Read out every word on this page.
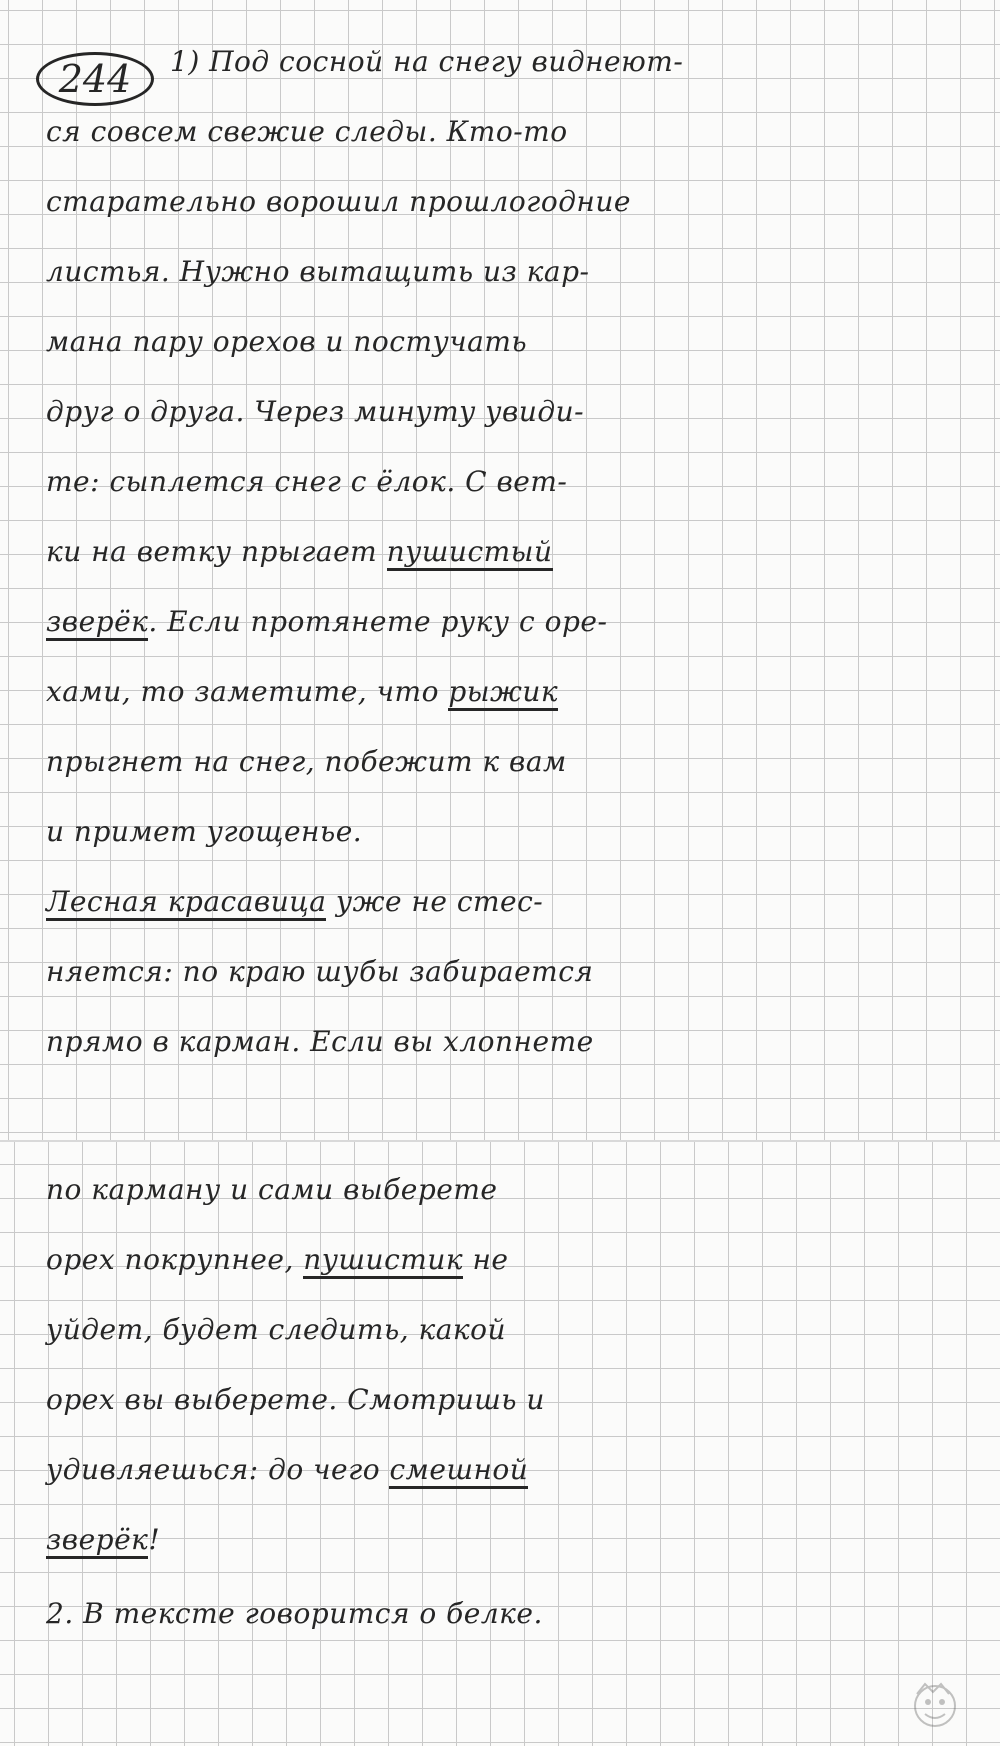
244	1) Под сосной на снегу виднеют-
ся совсем свежие следы. Кто-то
старательно ворошил прошлогодние
листья. Нужно вытащить из кар-
мана пару орехов и постучать
друг о друга. Через минуту увиди-
те: сыплется снег с ёлок. С вет-
ки на ветку прыгает пушистый
зверёк. Если протянете руку с оре-
хами, то заметите, что рыжик
прыгнет на снег, побежит к вам
и примет угощенье.
Лесная красавица уже не стес-
няется: по краю шубы забирается
прямо в карман. Если вы хлопнете
по карману и сами выберете
орех покрупнее, пушистик не
уйдет, будет следить, какой
орех вы выберете. Смотришь и
удивляешься: до чего смешной
зверёк!
2. В тексте говорится о белке.
